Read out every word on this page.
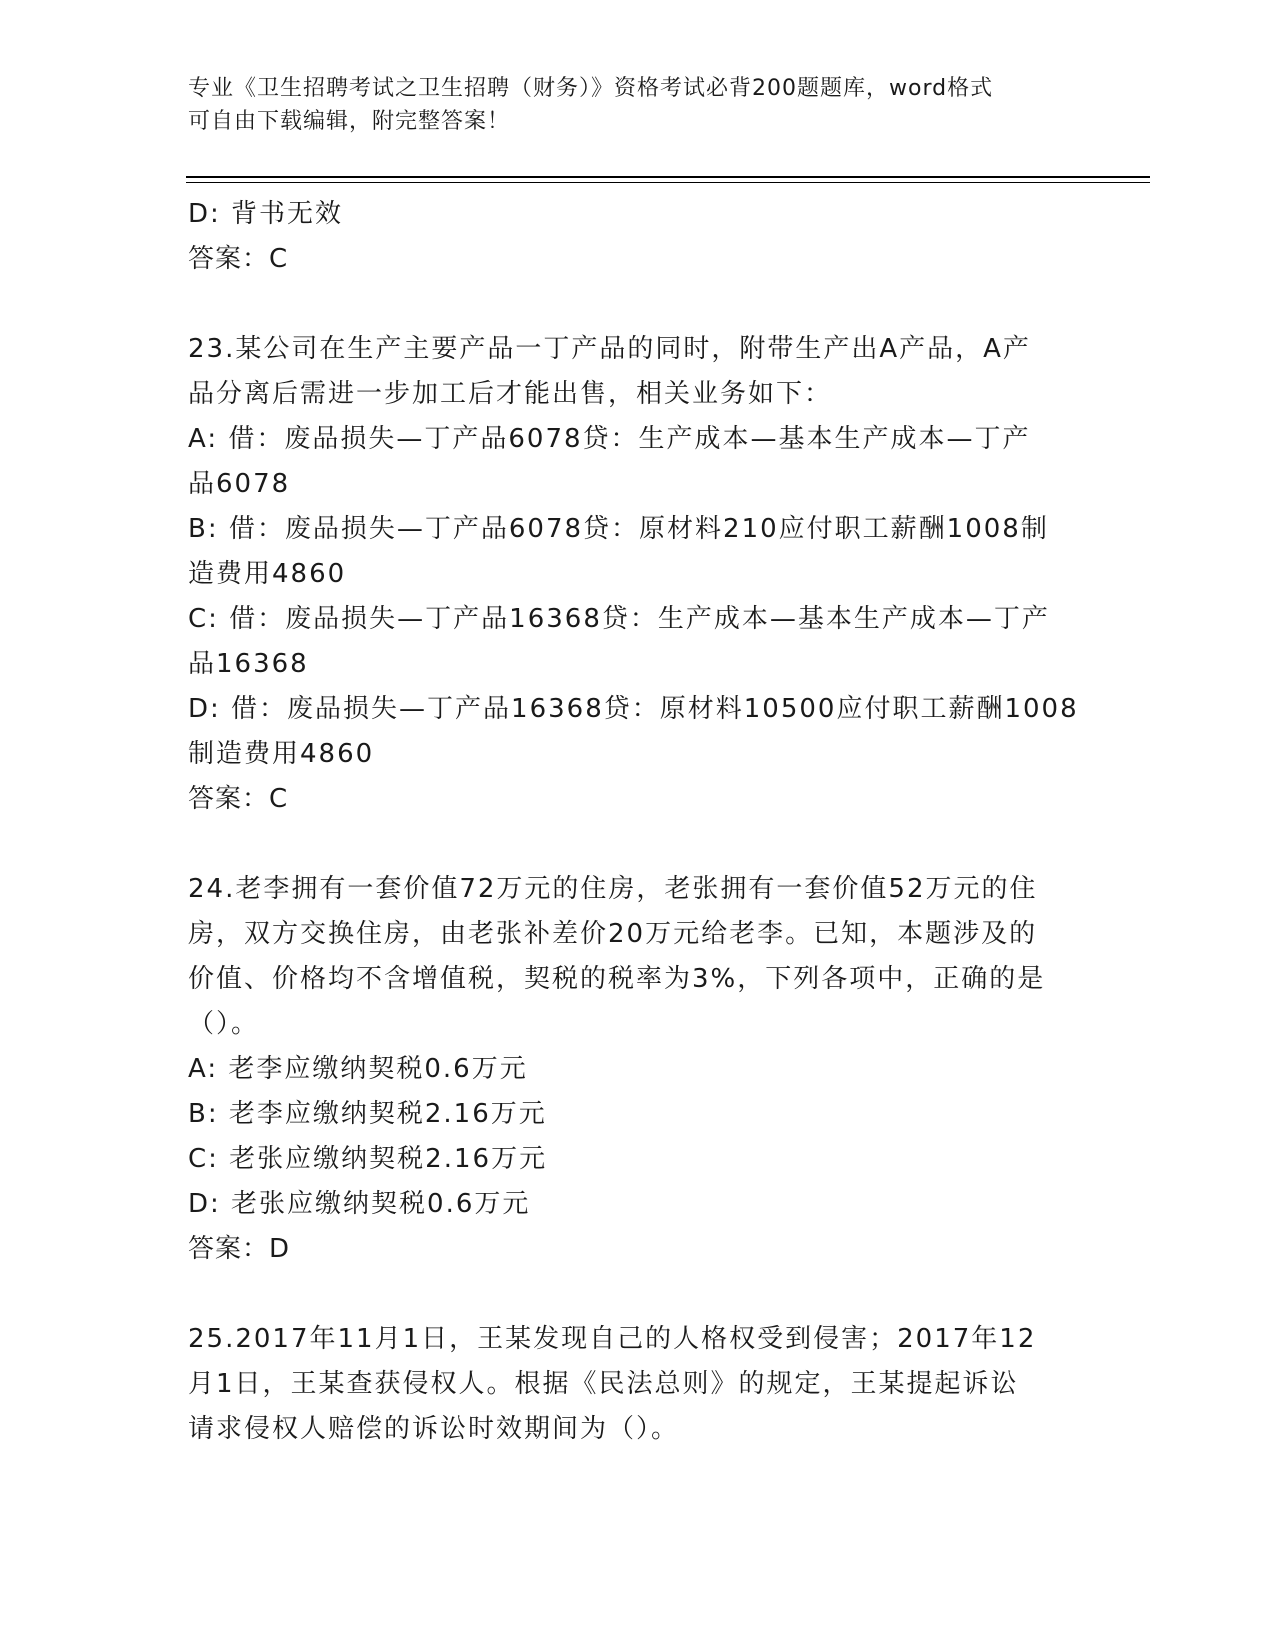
专业《卫生招聘考试之卫生招聘（财务）》资格考试必背200题题库，word格式
可自由下载编辑，附完整答案！
D: 背书无效
答案：C
23.某公司在生产主要产品一丁产品的同时，附带生产出A产品，A产
品分离后需进一步加工后才能出售，相关业务如下：
A: 借：废品损失—丁产品6078贷：生产成本—基本生产成本—丁产
品6078
B: 借：废品损失—丁产品6078贷：原材料210应付职工薪酬1008制
造费用4860
C: 借：废品损失—丁产品16368贷：生产成本—基本生产成本—丁产
品16368
D: 借：废品损失—丁产品16368贷：原材料10500应付职工薪酬1008
制造费用4860
答案：C
24.老李拥有一套价值72万元的住房，老张拥有一套价值52万元的住
房，双方交换住房，由老张补差价20万元给老李。已知，本题涉及的
价值、价格均不含增值税，契税的税率为3%，下列各项中，正确的是
（）。
A: 老李应缴纳契税0.6万元
B: 老李应缴纳契税2.16万元
C: 老张应缴纳契税2.16万元
D: 老张应缴纳契税0.6万元
答案：D
25.2017年11月1日，王某发现自己的人格权受到侵害；2017年12
月1日，王某查获侵权人。根据《民法总则》的规定，王某提起诉讼
请求侵权人赔偿的诉讼时效期间为（）。
